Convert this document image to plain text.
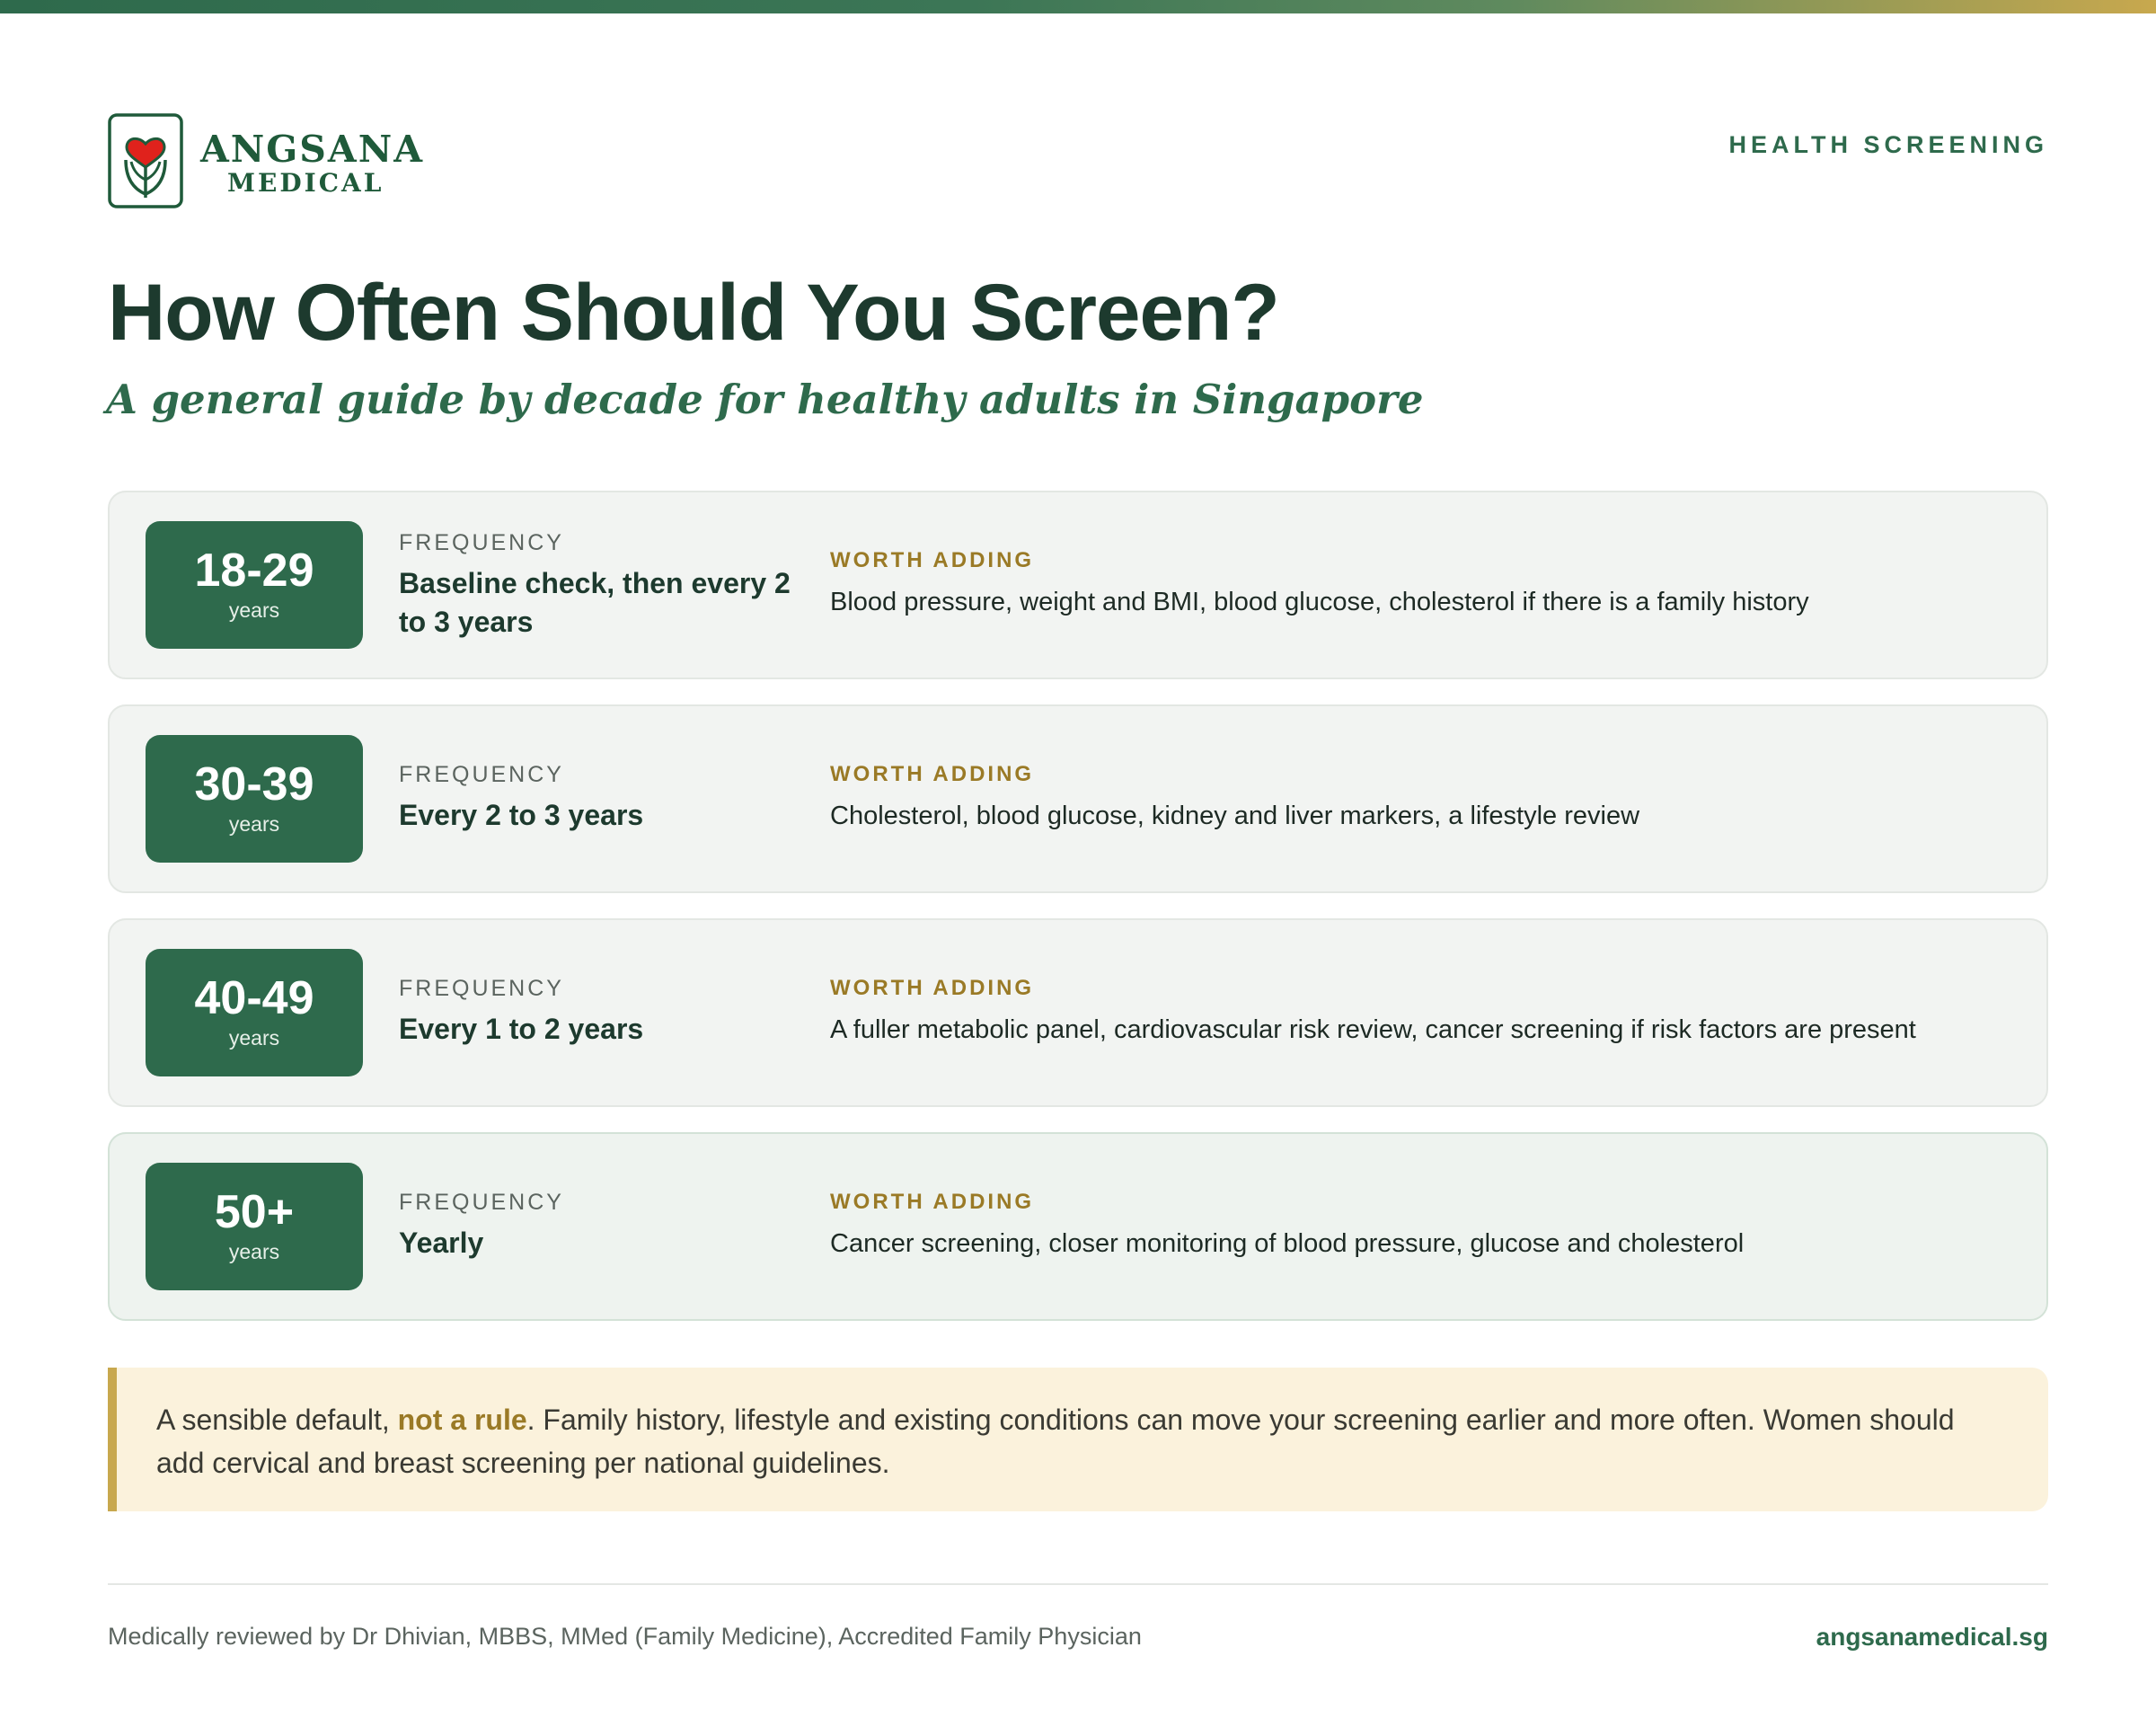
ANGSANA
MEDICAL
HEALTH SCREENING
How Often Should You Screen?
A general guide by decade for healthy adults in Singapore
18-29
years
FREQUENCY
Baseline check, then every 2 to 3 years
WORTH ADDING
Blood pressure, weight and BMI, blood glucose, cholesterol if there is a family history
30-39
years
FREQUENCY
Every 2 to 3 years
WORTH ADDING
Cholesterol, blood glucose, kidney and liver markers, a lifestyle review
40-49
years
FREQUENCY
Every 1 to 2 years
WORTH ADDING
A fuller metabolic panel, cardiovascular risk review, cancer screening if risk factors are present
50+
years
FREQUENCY
Yearly
WORTH ADDING
Cancer screening, closer monitoring of blood pressure, glucose and cholesterol
A sensible default, not a rule. Family history, lifestyle and existing conditions can move your screening earlier and more often. Women should add cervical and breast screening per national guidelines.
Medically reviewed by Dr Dhivian, MBBS, MMed (Family Medicine), Accredited Family Physician	angsanamedical.sg
